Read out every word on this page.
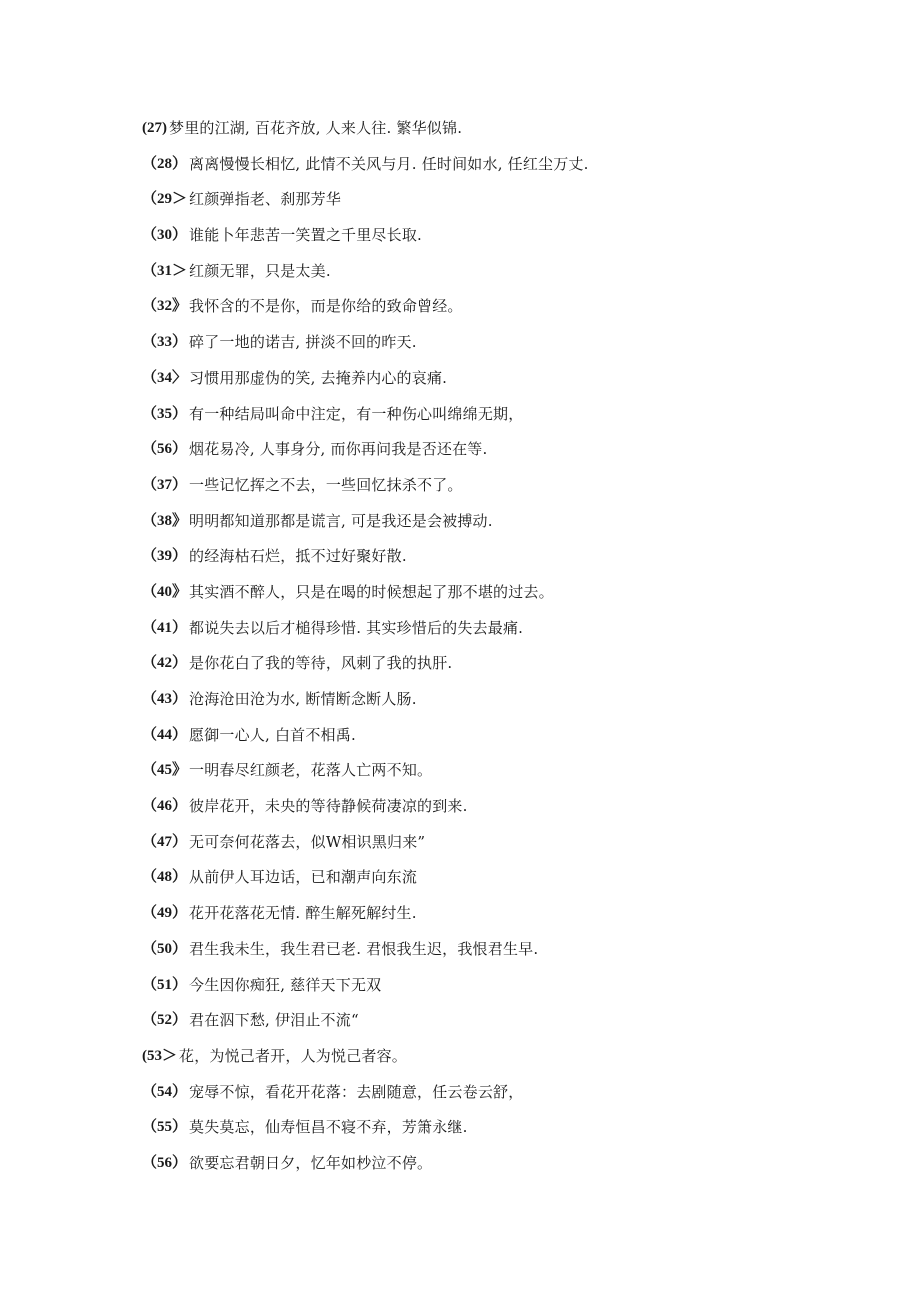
(27) 梦里的江湖, 百花齐放, 人来人往. 繁华似锦.
（28） 离离慢慢长相忆, 此情不关风与月. 任时间如水, 任红尘万丈.
（29＞ 红颜弹指老、刹那芳华
（30） 谁能卜年悲苦一笑置之千里尽长取.
（31＞ 红颜无罪，只是太美.
（32》 我怀含的不是你，而是你给的致命曾经。
（33） 碎了一地的诺吉, 拼淡不回的昨天.
（34〉 习惯用那虚伪的笑, 去掩养内心的哀痛.
（35） 有一种结局叫命中注定，有一种伤心叫绵绵无期，
（56） 烟花易冷, 人事身分, 而你再问我是否还在等.
（37） 一些记忆挥之不去，一些回忆抹杀不了。
（38》 明明都知道那都是谎言, 可是我还是会被搏动.
（39） 的经海枯石烂，抵不过好聚好散.
（40》 其实酒不醉人，只是在喝的时候想起了那不堪的过去。
（41） 都说失去以后才槌得珍惜. 其实珍惜后的失去最痛.
（42） 是你花白了我的等待，风刺了我的执肝.
（43） 沧海沧田沧为水, 断情断念断人肠.
（44） 愿御一心人, 白首不相禹.
（45》 一明春尽红颜老，花落人亡两不知。
（46） 彼岸花开，未央的等待静候荷凄凉的到来.
（47） 无可奈何花落去，似W相识黑归来”
（48） 从前伊人耳边话，已和潮声向东流
（49） 花开花落花无情. 醉生解死解纣生.
（50） 君生我未生，我生君已老. 君恨我生迟，我恨君生早.
（51） 今生因你痴狂, 慈徉天下无双
（52） 君在泅下愁, 伊泪止不流“
(53＞ 花，为悦己者开，人为悦己者容。
（54） 宠辱不惊，看花开花落：去剧随意，任云卷云舒，
（55） 莫失莫忘，仙寿恒昌不寝不弃，芳箫永继.
（56） 欲要忘君朝日夕，忆年如杪泣不停。
